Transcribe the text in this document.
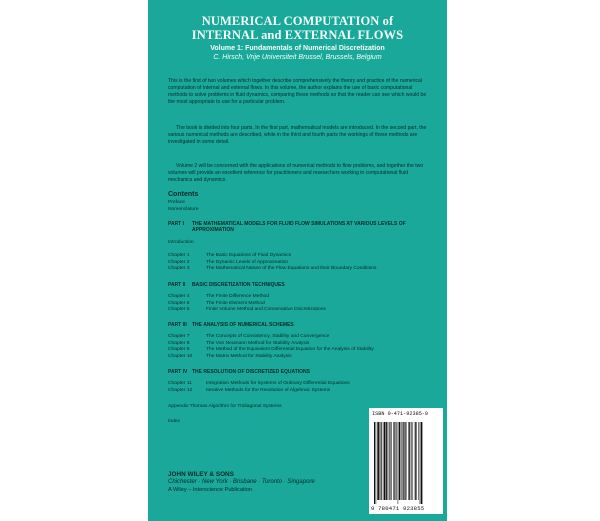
NUMERICAL COMPUTATION of
INTERNAL and EXTERNAL FLOWS
Volume 1: Fundamentals of Numerical Discretization
C. Hirsch, Vrije Universiteit Brussel, Brussels, Belgium

This is the first of two volumes which together describe comprehensively the theory and practice of the numerical computation of internal and external flows. In this volume, the author explains the use of basic computational methods to solve problems in fluid dynamics, comparing these methods so that the reader can see which would be the most appropriate to use for a particular problem.

The book is divided into four parts. In the first part, mathematical models are introduced. In the second part, the various numerical methods are described, while in the third and fourth parts the workings of these methods are investigated in some detail.

Volume 2 will be concerned with the applications of numerical methods to flow problems, and together the two volumes will provide an excellent reference for practitioners and researchers working in computational fluid mechanics and dynamics.

Contents
Preface
Nomenclature
PART I THE MATHEMATICAL MODELS FOR FLUID FLOW SIMULATIONS AT VARIOUS LEVELS OF APPROXIMATION
Introduction
Chapter 1	The Basic Equations of Fluid Dynamics
Chapter 2	The Dynamic Levels of Approximation
Chapter 3	The Mathematical Nature of the Flow Equations and their Boundary Conditions
PART II BASIC DISCRETIZATION TECHNIQUES
Chapter 4	The Finite Difference Method
Chapter 5	The Finite Element Method
Chapter 6	Finite Volume Method and Conservative Discretizations
PART III THE ANALYSIS OF NUMERICAL SCHEMES
Chapter 7	The Concepts of Consistency, Stability and Convergence
Chapter 8	The Von Neumann Method for Stability Analysis
Chapter 9	The Method of the Equivalent Differential Equation for the Analysis of Stability
Chapter 10	The Matrix Method for Stability Analysis
PART IV THE RESOLUTION OF DISCRETIZED EQUATIONS
Chapter 11	Integration Methods for Systems of Ordinary Differential Equations
Chapter 12	Iterative Methods for the Resolution of Algebraic Systems
Appendix Thomas Algorithm for Tridiagonal Systems
Index
ISBN 0-471-92385-0
9 780471 923855
JOHN WILEY & SONS
Chichester · New York · Brisbane · Toronto · Singapore
A Wiley – Interscience Publication
